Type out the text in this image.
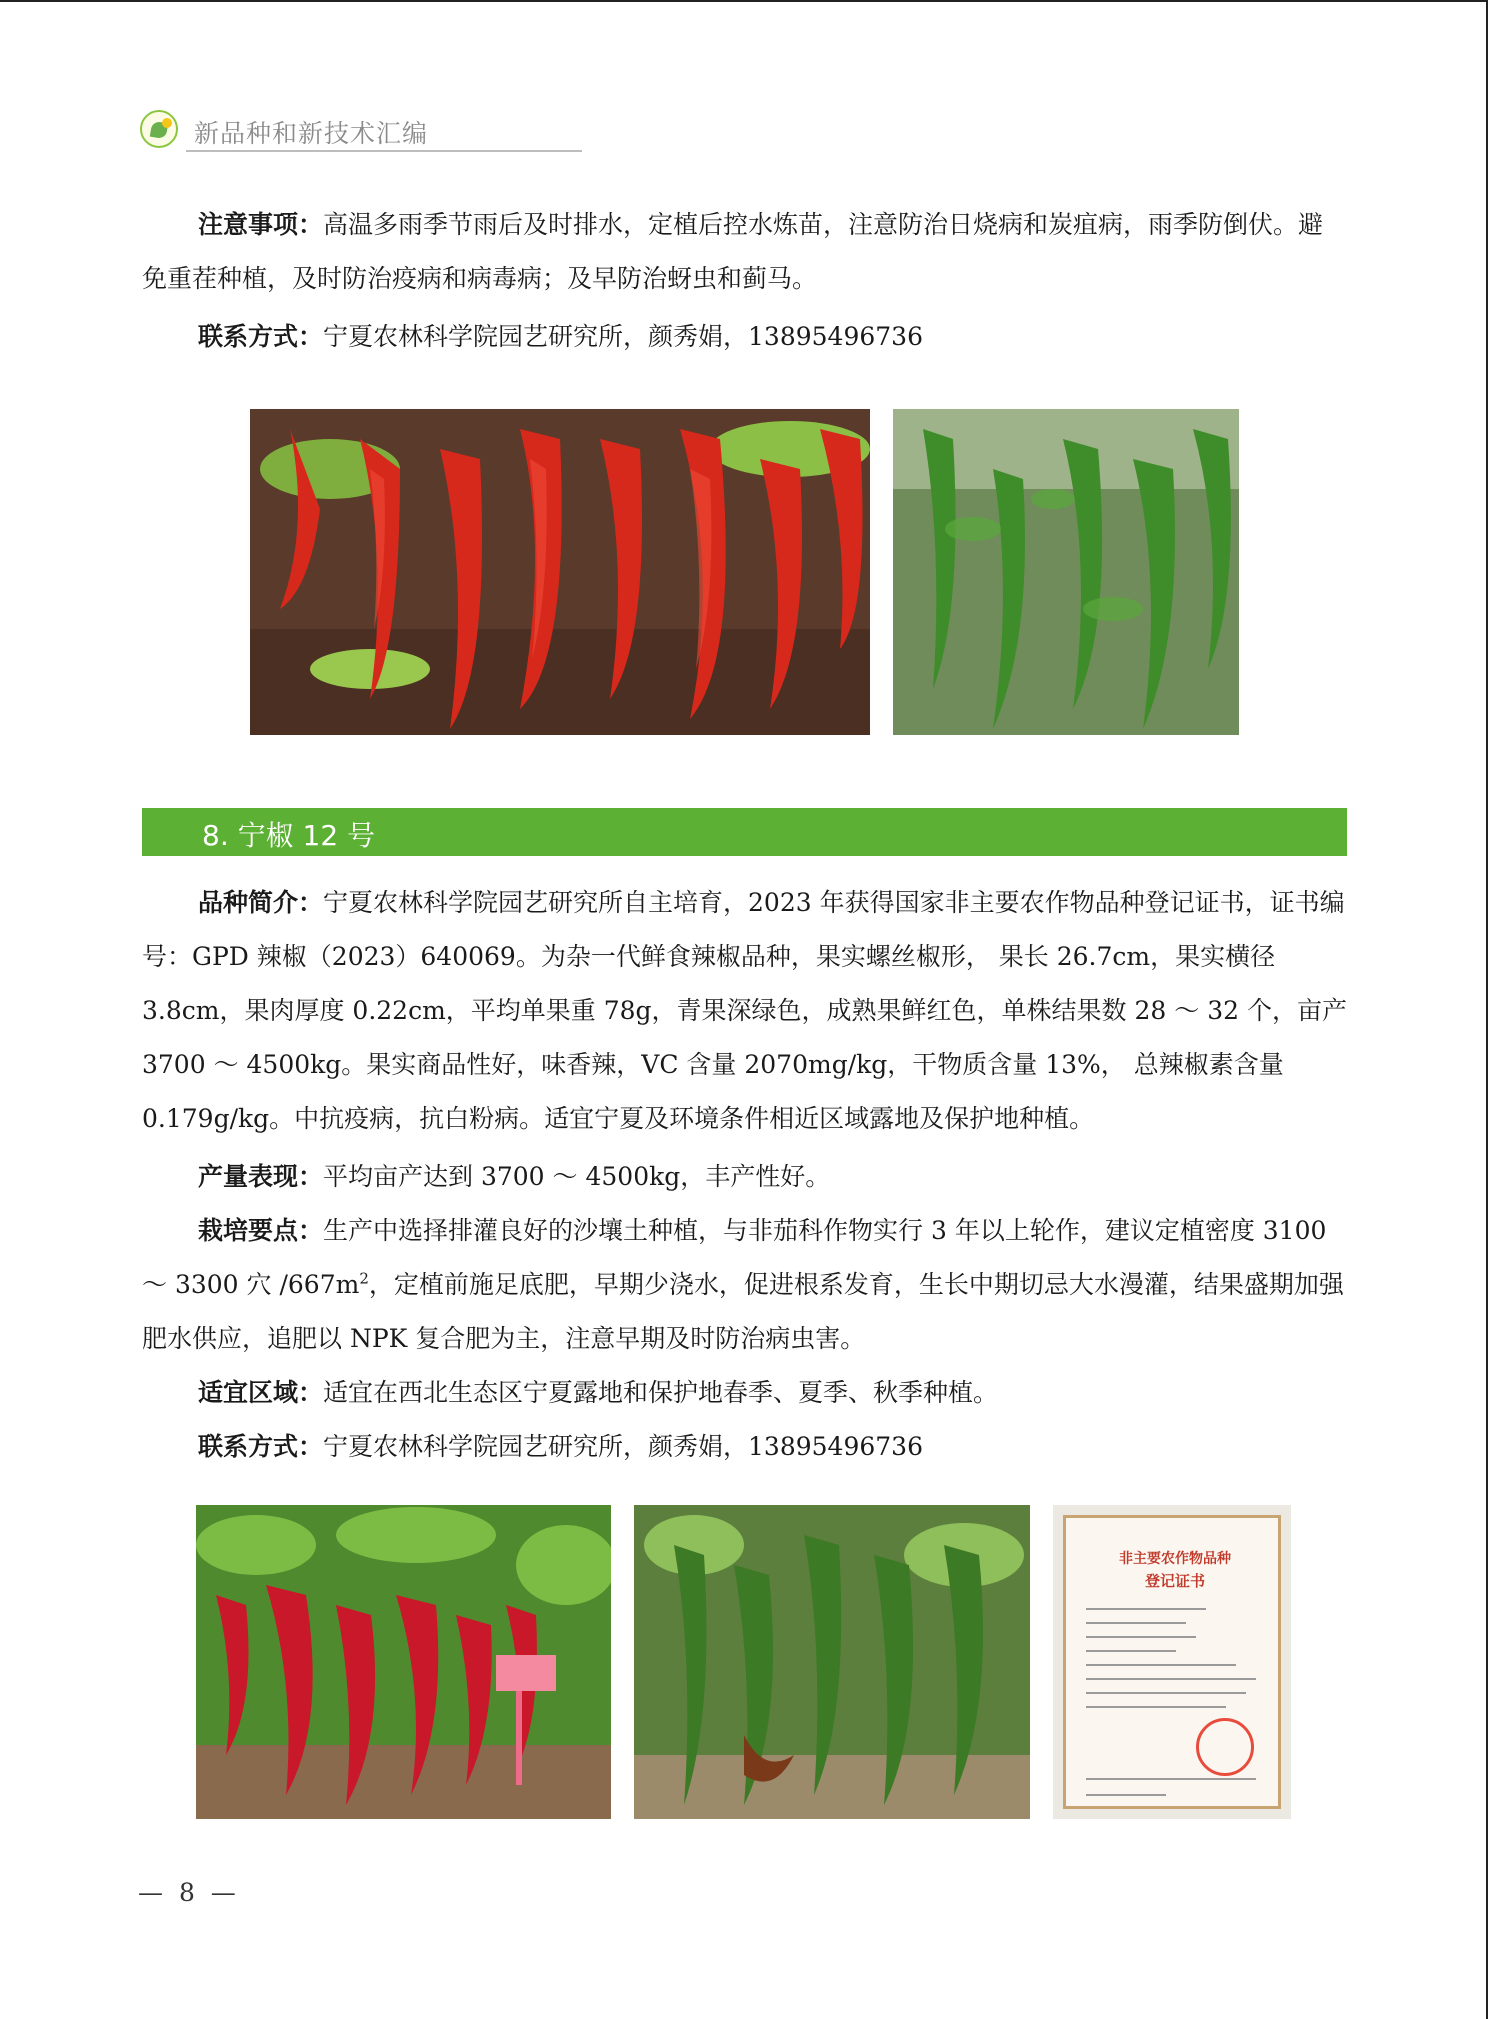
新品种和新技术汇编

注意事项：高温多雨季节雨后及时排水，定植后控水炼苗，注意防治日烧病和炭疽病，雨季防倒伏。避免重茬种植，及时防治疫病和病毒病；及早防治蚜虫和蓟马。

联系方式：宁夏农林科学院园艺研究所，颜秀娟，13895496736

8. 宁椒 12 号

品种简介：宁夏农林科学院园艺研究所自主培育，2023 年获得国家非主要农作物品种登记证书，证书编号：GPD 辣椒（2023）640069。为杂一代鲜食辣椒品种，果实螺丝椒形， 果长 26.7cm，果实横径 3.8cm，果肉厚度 0.22cm，平均单果重 78g，青果深绿色，成熟果鲜红色，单株结果数 28 ～ 32 个，亩产 3700 ～ 4500kg。果实商品性好，味香辣，VC 含量 2070mg/kg，干物质含量 13%， 总辣椒素含量 0.179g/kg。中抗疫病，抗白粉病。适宜宁夏及环境条件相近区域露地及保护地种植。

产量表现：平均亩产达到 3700 ～ 4500kg，丰产性好。

栽培要点：生产中选择排灌良好的沙壤土种植，与非茄科作物实行 3 年以上轮作，建议定植密度 3100 ～ 3300 穴 $/667m^2$，定植前施足底肥，早期少浇水，促进根系发育，生长中期切忌大水漫灌，结果盛期加强肥水供应，追肥以 NPK 复合肥为主，注意早期及时防治病虫害。

适宜区域：适宜在西北生态区宁夏露地和保护地春季、夏季、秋季种植。

联系方式：宁夏农林科学院园艺研究所，颜秀娟，13895496736

非主要农作物品种
登记证书
— 8 —
